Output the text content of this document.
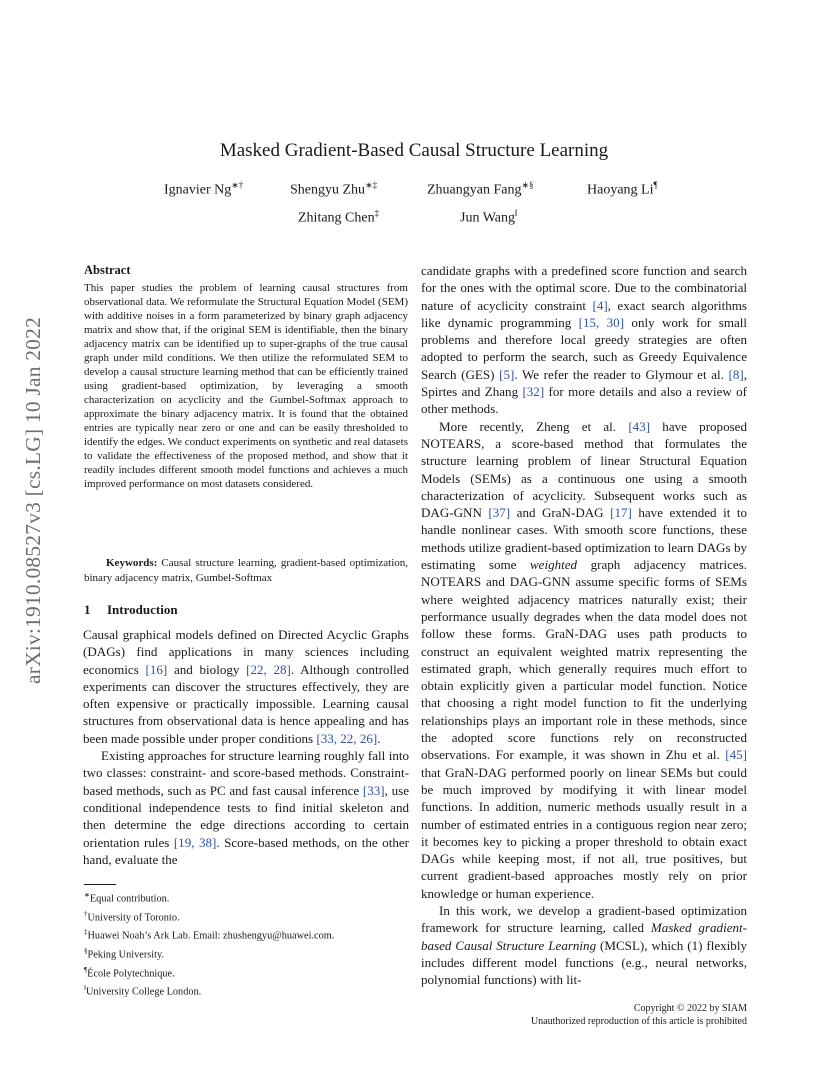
arXiv:1910.08527v3 [cs.LG] 10 Jan 2022
Masked Gradient-Based Causal Structure Learning
Ignavier Ng∗†	Shengyu Zhu∗‡	Zhuangyan Fang∗§	Haoyang Li¶
Zhitang Chen‡	Jun Wang‖
Abstract
This paper studies the problem of learning causal structures from observational data. We reformulate the Structural Equation Model (SEM) with additive noises in a form parameterized by binary graph adjacency matrix and show that, if the original SEM is identifiable, then the binary adjacency matrix can be identified up to super-graphs of the true causal graph under mild conditions. We then utilize the reformulated SEM to develop a causal structure learning method that can be efficiently trained using gradient-based optimization, by leveraging a smooth characterization on acyclicity and the Gumbel-Softmax approach to approximate the binary adjacency matrix. It is found that the obtained entries are typically near zero or one and can be easily thresholded to identify the edges. We conduct experiments on synthetic and real datasets to validate the effectiveness of the proposed method, and show that it readily includes different smooth model functions and achieves a much improved performance on most datasets considered.
Keywords: Causal structure learning, gradient-based optimization, binary adjacency matrix, Gumbel-Softmax
1 Introduction

Causal graphical models defined on Directed Acyclic Graphs (DAGs) find applications in many sciences including economics [16] and biology [22, 28]. Although controlled experiments can discover the structures effectively, they are often expensive or practically impossible. Learning causal structures from observational data is hence appealing and has been made possible under proper conditions [33, 22, 26].

Existing approaches for structure learning roughly fall into two classes: constraint- and score-based methods. Constraint-based methods, such as PC and fast causal inference [33], use conditional independence tests to find initial skeleton and then determine the edge directions according to certain orientation rules [19, 38]. Score-based methods, on the other hand, evaluate the

candidate graphs with a predefined score function and search for the ones with the optimal score. Due to the combinatorial nature of acyclicity constraint [4], exact search algorithms like dynamic programming [15, 30] only work for small problems and therefore local greedy strategies are often adopted to perform the search, such as Greedy Equivalence Search (GES) [5]. We refer the reader to Glymour et al. [8], Spirtes and Zhang [32] for more details and also a review of other methods.

More recently, Zheng et al. [43] have proposed NOTEARS, a score-based method that formulates the structure learning problem of linear Structural Equation Models (SEMs) as a continuous one using a smooth characterization of acyclicity. Subsequent works such as DAG-GNN [37] and GraN-DAG [17] have extended it to handle nonlinear cases. With smooth score functions, these methods utilize gradient-based optimization to learn DAGs by estimating some weighted graph adjacency matrices. NOTEARS and DAG-GNN assume specific forms of SEMs where weighted adjacency matrices naturally exist; their performance usually degrades when the data model does not follow these forms. GraN-DAG uses path products to construct an equivalent weighted matrix representing the estimated graph, which generally requires much effort to obtain explicitly given a particular model function. Notice that choosing a right model function to fit the underlying relationships plays an important role in these methods, since the adopted score functions rely on reconstructed observations. For example, it was shown in Zhu et al. [45] that GraN-DAG performed poorly on linear SEMs but could be much improved by modifying it with linear model functions. In addition, numeric methods usually result in a number of estimated entries in a contiguous region near zero; it becomes key to picking a proper threshold to obtain exact DAGs while keeping most, if not all, true positives, but current gradient-based approaches mostly rely on prior knowledge or human experience.

In this work, we develop a gradient-based optimization framework for structure learning, called Masked gradient-based Causal Structure Learning (MCSL), which (1) flexibly includes different model functions (e.g., neural networks, polynomial functions) with lit-

∗Equal contribution.
†University of Toronto.
‡Huawei Noah’s Ark Lab. Email: zhushengyu@huawei.com.
§Peking University.
¶École Polytechnique.
‖University College London.
Copyright © 2022 by SIAM
Unauthorized reproduction of this article is prohibited
